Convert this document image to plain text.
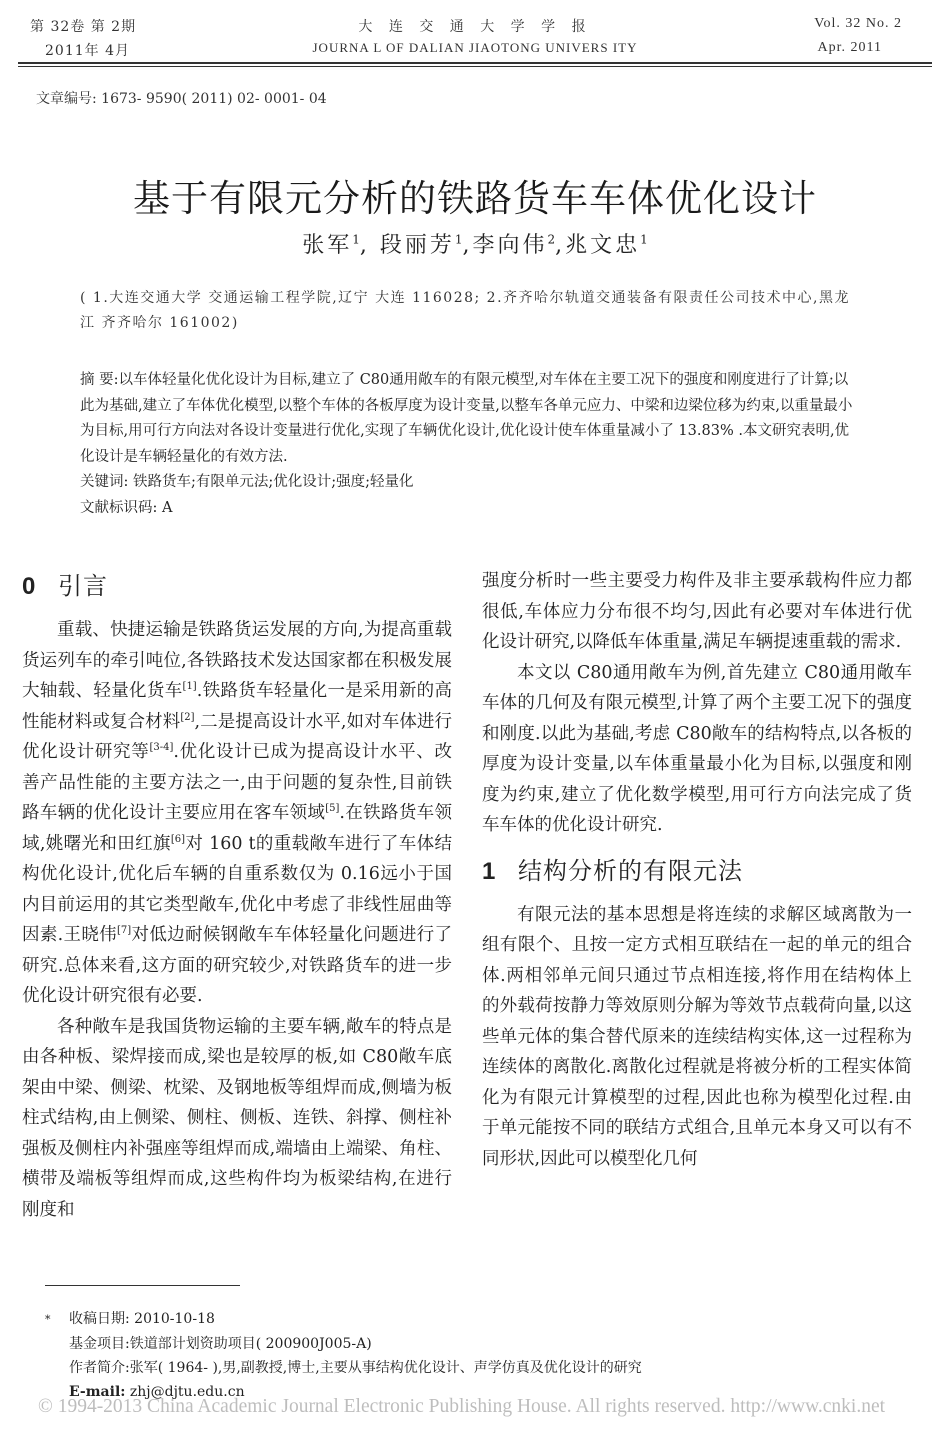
第 32卷 第 2期
2011年 4月
大 连 交 通 大 学 学 报
JOURNA L OF DALIAN JIAOTONG UNIVERS ITY
Vol. 32 No. 2
Apr. 2011
文章编号: 1673- 9590( 2011) 02- 0001- 04
基于有限元分析的铁路货车车体优化设计
张军$^1$, 段丽芳$^1$,李向伟$^2$,兆文忠$^1$
( 1.大连交通大学 交通运输工程学院,辽宁 大连 116028; 2.齐齐哈尔轨道交通装备有限责任公司技术中心,黑龙江 齐齐哈尔 161002)

摘 要:以车体轻量化优化设计为目标,建立了 C80通用敞车的有限元模型,对车体在主要工况下的强度和刚度进行了计算;以此为基础,建立了车体优化模型,以整个车体的各板厚度为设计变量,以整车各单元应力、中梁和边梁位移为约束,以重量最小为目标,用可行方向法对各设计变量进行优化,实现了车辆优化设计,优化设计使车体重量减小了 13.83% .本文研究表明,优化设计是车辆轻量化的有效方法.

关键词: 铁路货车;有限单元法;优化设计;强度;轻量化

文献标识码: A

0 引言

重载、快捷运输是铁路货运发展的方向,为提高重载货运列车的牵引吨位,各铁路技术发达国家都在积极发展大轴载、轻量化货车[1].铁路货车轻量化一是采用新的高性能材料或复合材料[2],二是提高设计水平,如对车体进行优化设计研究等[3-4].优化设计已成为提高设计水平、改善产品性能的主要方法之一,由于问题的复杂性,目前铁路车辆的优化设计主要应用在客车领域[5].在铁路货车领域,姚曙光和田红旗[6]对 160 t的重载敞车进行了车体结构优化设计,优化后车辆的自重系数仅为 0.16远小于国内目前运用的其它类型敞车,优化中考虑了非线性屈曲等因素.王晓伟[7]对低边耐候钢敞车车体轻量化问题进行了研究.总体来看,这方面的研究较少,对铁路货车的进一步优化设计研究很有必要.

各种敞车是我国货物运输的主要车辆,敞车的特点是由各种板、梁焊接而成,梁也是较厚的板,如 C80敞车底架由中梁、侧梁、枕梁、及钢地板等组焊而成,侧墙为板柱式结构,由上侧梁、侧柱、侧板、连铁、斜撑、侧柱补强板及侧柱内补强座等组焊而成,端墙由上端梁、角柱、横带及端板等组焊而成,这些构件均为板梁结构,在进行刚度和

强度分析时一些主要受力构件及非主要承载构件应力都很低,车体应力分布很不均匀,因此有必要对车体进行优化设计研究,以降低车体重量,满足车辆提速重载的需求.

本文以 C80通用敞车为例,首先建立 C80通用敞车车体的几何及有限元模型,计算了两个主要工况下的强度和刚度.以此为基础,考虑 C80敞车的结构特点,以各板的厚度为设计变量,以车体重量最小化为目标,以强度和刚度为约束,建立了优化数学模型,用可行方向法完成了货车车体的优化设计研究.

1 结构分析的有限元法

有限元法的基本思想是将连续的求解区域离散为一组有限个、且按一定方式相互联结在一起的单元的组合体.两相邻单元间只通过节点相连接,将作用在结构体上的外载荷按静力等效原则分解为等效节点载荷向量,以这些单元体的集合替代原来的连续结构实体,这一过程称为连续体的离散化.离散化过程就是将被分析的工程实体简化为有限元计算模型的过程,因此也称为模型化过程.由于单元能按不同的联结方式组合,且单元本身又可以有不同形状,因此可以模型化几何

* 收稿日期: 2010-10-18
基金项目:铁道部计划资助项目( 200900J005-A)
作者简介:张军( 1964- ),男,副教授,博士,主要从事结构优化设计、声学仿真及优化设计的研究
E-mail: zhj@djtu.edu.cn
© 1994-2013 China Academic Journal Electronic Publishing House. All rights reserved. http://www.cnki.net
